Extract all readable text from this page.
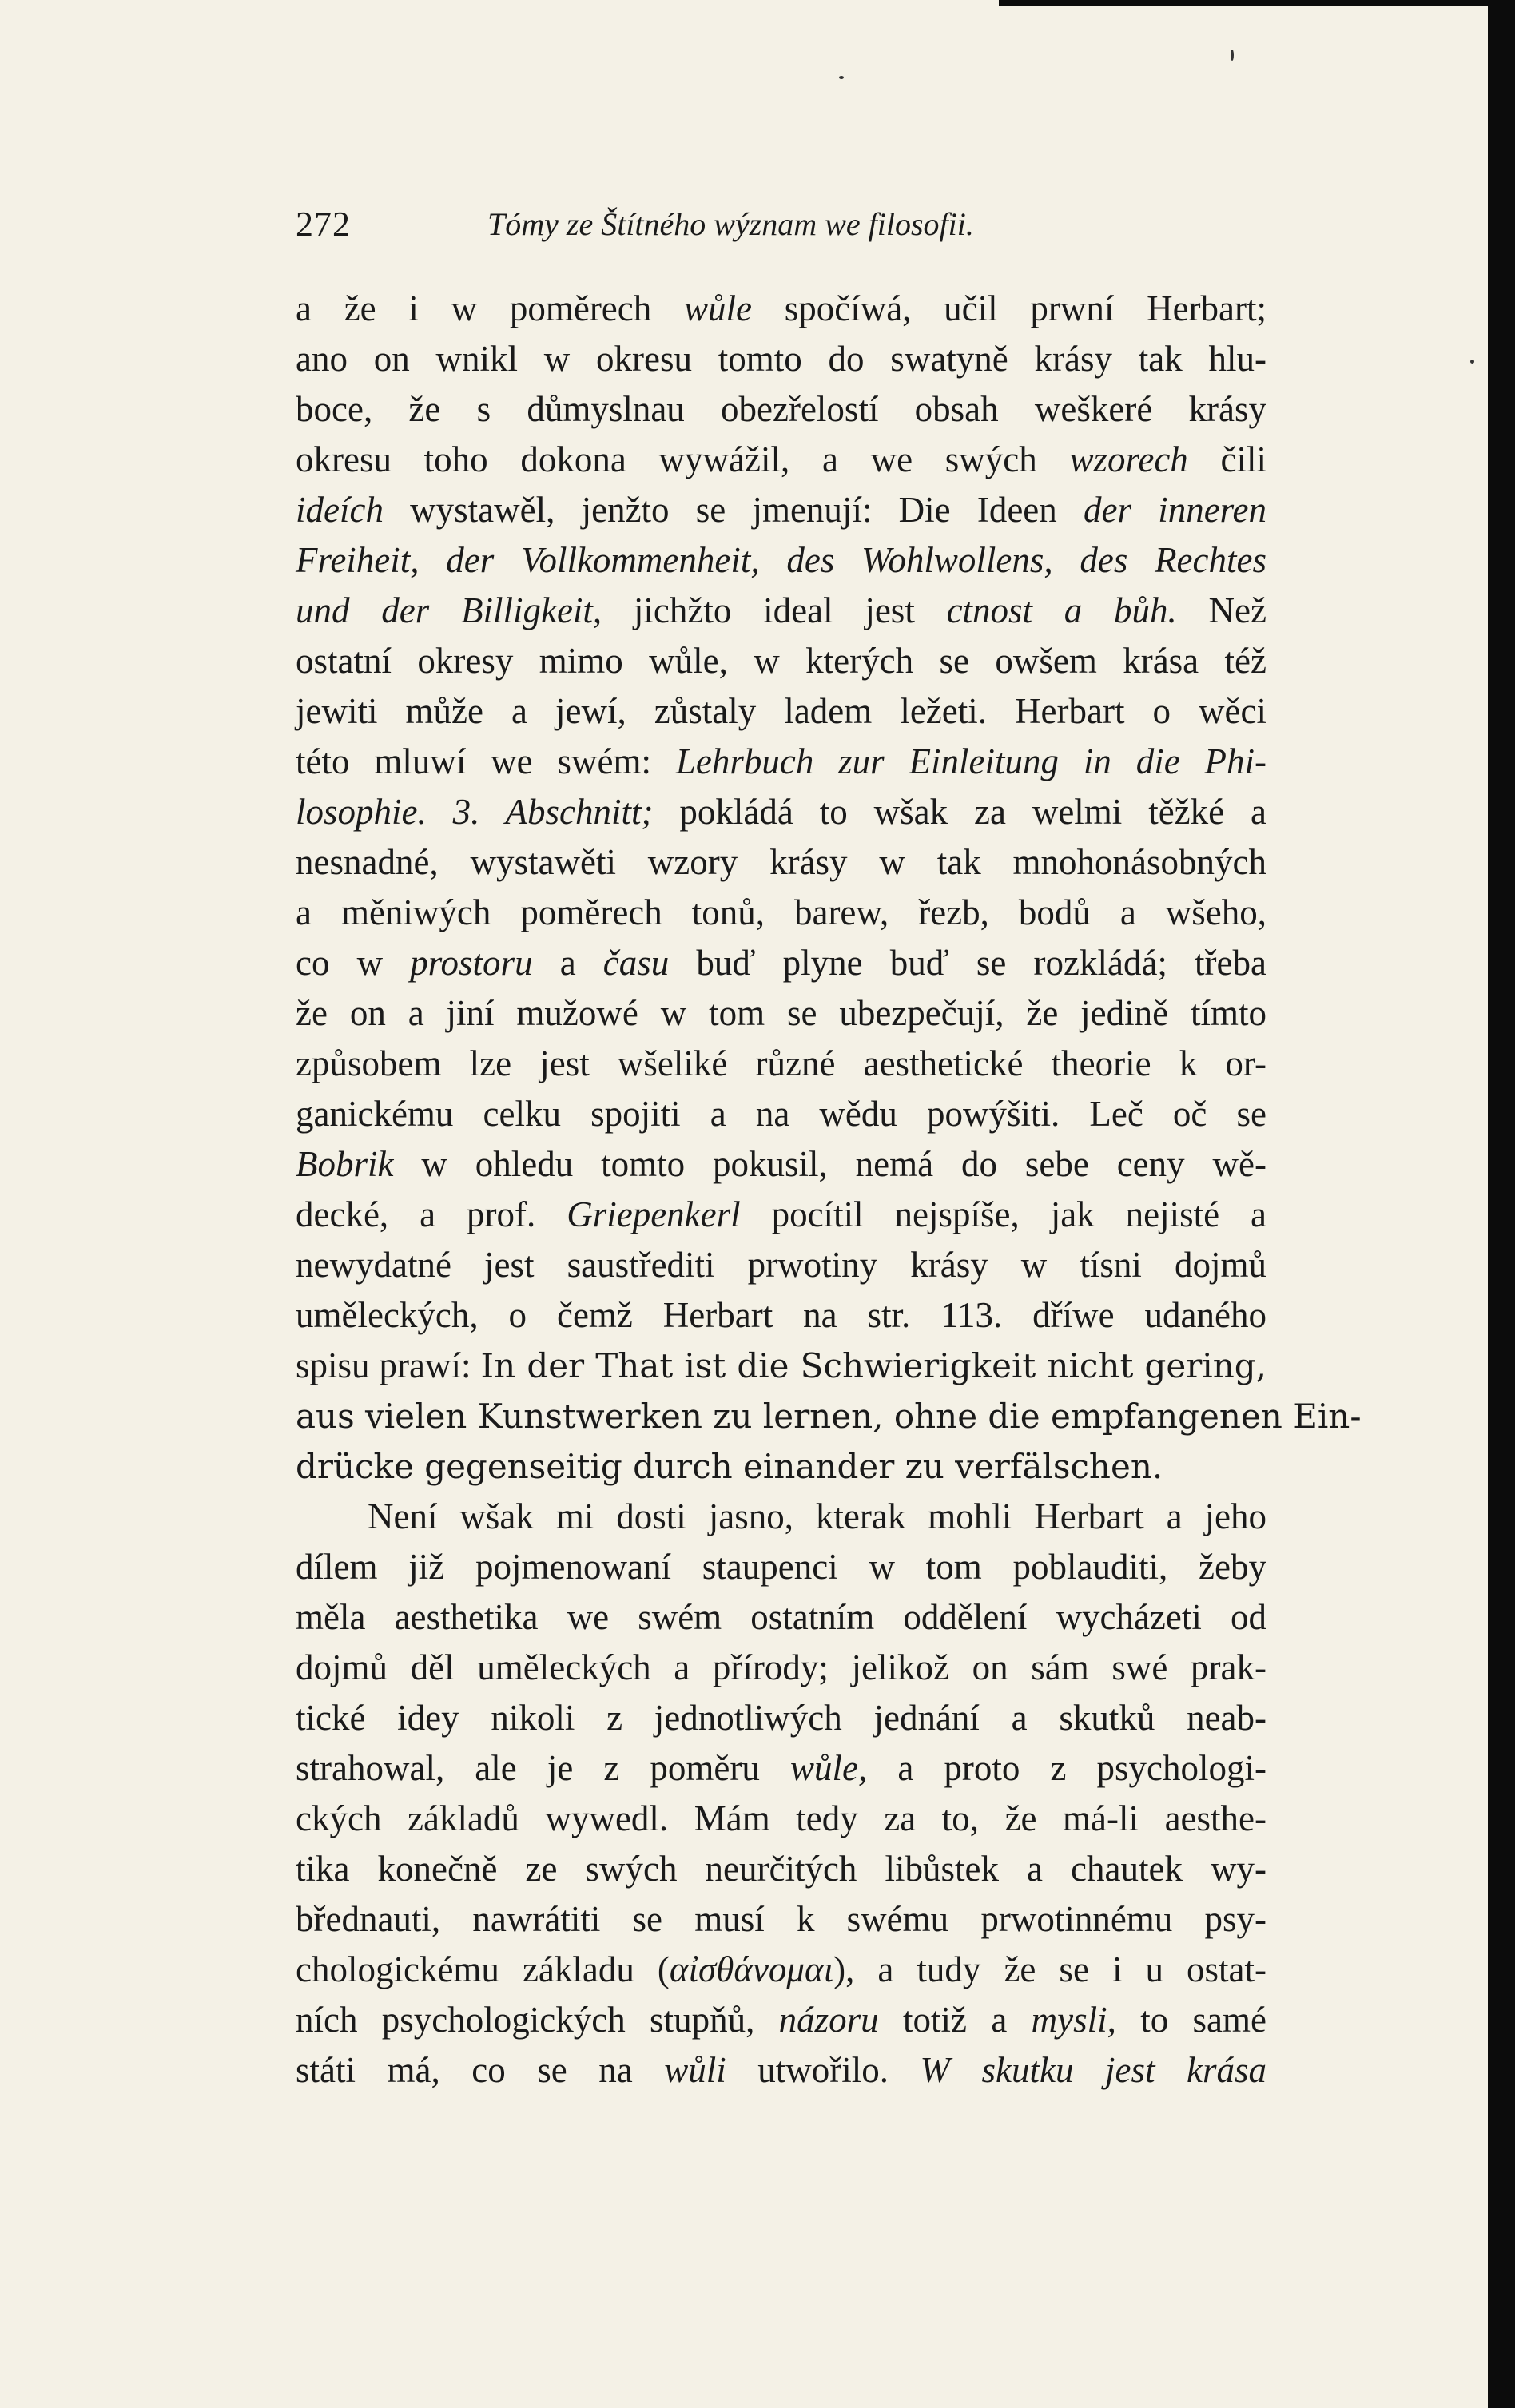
272	Tómy ze Štítného wýznam we filosofii.
a že i w poměrech wůle spočíwá, učil prwní Herbart;
ano on wnikl w okresu tomto do swatyně krásy tak hlu-
boce, že s důmyslnau obezřelostí obsah weškeré krásy
okresu toho dokona wywážil, a we swých wzorech čili
ideích wystawěl, jenžto se jmenují: Die Ideen der inneren
Freiheit, der Vollkommenheit, des Wohlwollens, des Rechtes
und der Billigkeit, jichžto ideal jest ctnost a bůh. Než
ostatní okresy mimo wůle, w kterých se owšem krása též
jewiti může a jewí, zůstaly ladem ležeti. Herbart o wěci
této mluwí we swém: Lehrbuch zur Einleitung in die Phi-
losophie. 3. Abschnitt; pokládá to wšak za welmi těžké a
nesnadné, wystawěti wzory krásy w tak mnohonásobných
a měniwých poměrech tonů, barew, řezb, bodů a wšeho,
co w prostoru a času buď plyne buď se rozkládá; třeba
že on a jiní mužowé w tom se ubezpečují, že jedině tímto
způsobem lze jest wšeliké různé aesthetické theorie k or-
ganickému celku spojiti a na wědu powýšiti. Leč oč se
Bobrik w ohledu tomto pokusil, nemá do sebe ceny wě-
decké, a prof. Griepenkerl pocítil nejspíše, jak nejisté a
newydatné jest saustřediti prwotiny krásy w tísni dojmů
uměleckých, o čemž Herbart na str. 113. dříwe udaného
spisu prawí: In der That ist die Schwierigkeit nicht gering,
aus vielen Kunstwerken zu lernen, ohne die empfangenen Ein-
drücke gegenseitig durch einander zu verfälschen.
Není wšak mi dosti jasno, kterak mohli Herbart a jeho
dílem již pojmenowaní staupenci w tom poblauditi, žeby
měla aesthetika we swém ostatním oddělení wycházeti od
dojmů děl uměleckých a přírody; jelikož on sám swé prak-
tické idey nikoli z jednotliwých jednání a skutků neab-
strahowal, ale je z poměru wůle, a proto z psychologi-
ckých základů wywedl. Mám tedy za to, že má-li aesthe-
tika konečně ze swých neurčitých libůstek a chautek wy-
břednauti, nawrátiti se musí k swému prwotinnému psy-
chologickému základu (αἰσθάνομαι), a tudy že se i u ostat-
ních psychologických stupňů, názoru totiž a mysli, to samé
státi má, co se na wůli utwořilo. W skutku jest krása
